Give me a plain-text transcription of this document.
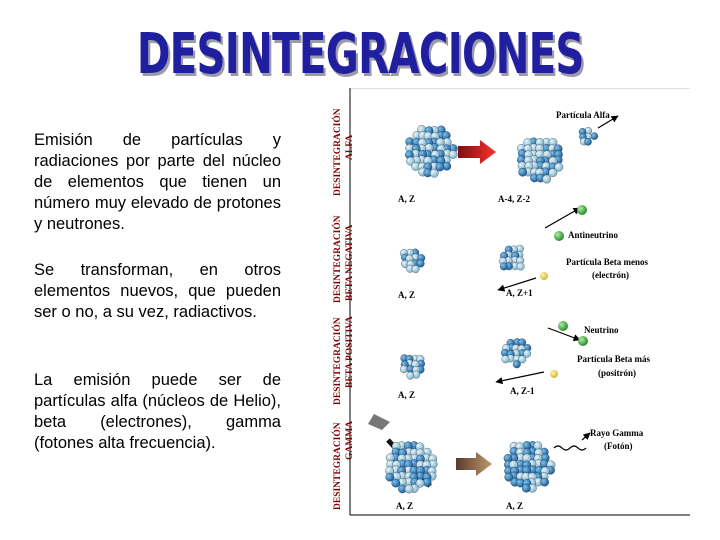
DESINTEGRACIONES
Emisión de partículas y radiaciones por parte del núcleo de elementos que tienen un número muy elevado de protones y neutrones.
Se transforman, en otros elementos nuevos, que pueden ser o no, a su vez, radiactivos.
La emisión puede ser de partículas alfa (núcleos de Helio), beta (electrones), gamma (fotones alta frecuencia).
DESINTEGRACIÓN ALFA
DESINTEGRACIÓN BETA NEGATIVA
DESINTEGRACIÓN BETA POSITIVA
DESINTEGRACIÓN GAMMA
Partícula Alfa
A, Z	A-4, Z-2
Antineutrino
Partícula Beta menos
(electrón)
A, Z	A, Z+1
Neutrino
Partícula Beta más
(positrón)
A, Z	A, Z-1
Rayo Gamma
(Fotón)
A, Z	A, Z
